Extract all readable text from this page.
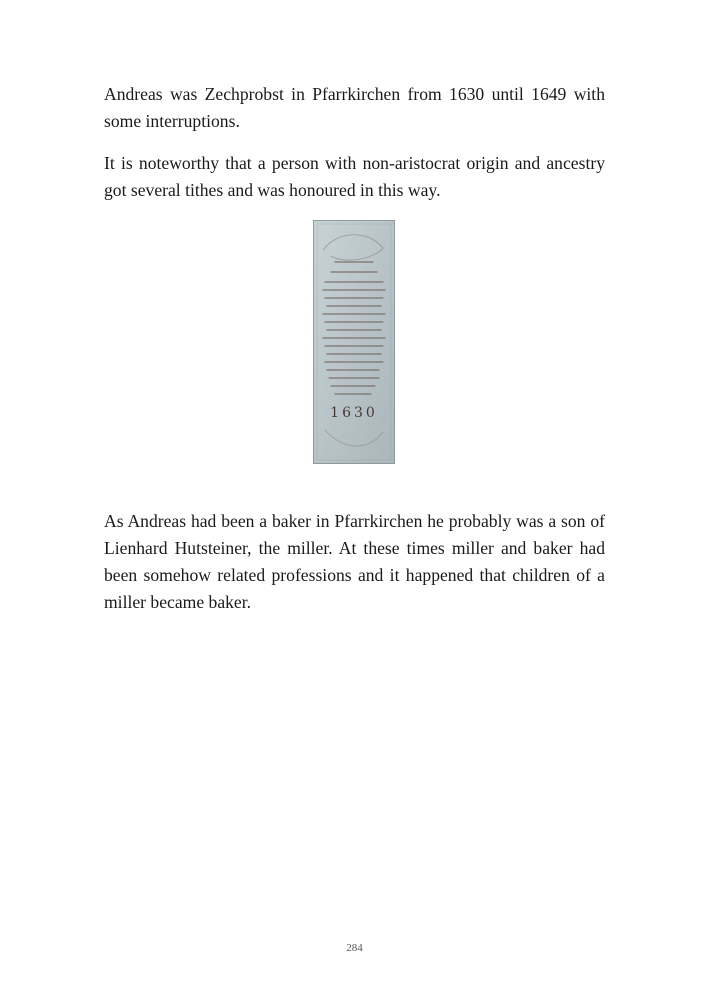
Andreas was Zechprobst in Pfarrkirchen from 1630 until 1649 with some interruptions.

It is noteworthy that a person with non-aristocrat origin and ancestry got several tithes and was honoured in this way.

1630

As Andreas had been a baker in Pfarrkirchen he probably was a son of Lienhard Hutsteiner, the miller. At these times miller and baker had been somehow related professions and it happened that children of a miller became baker.

284
